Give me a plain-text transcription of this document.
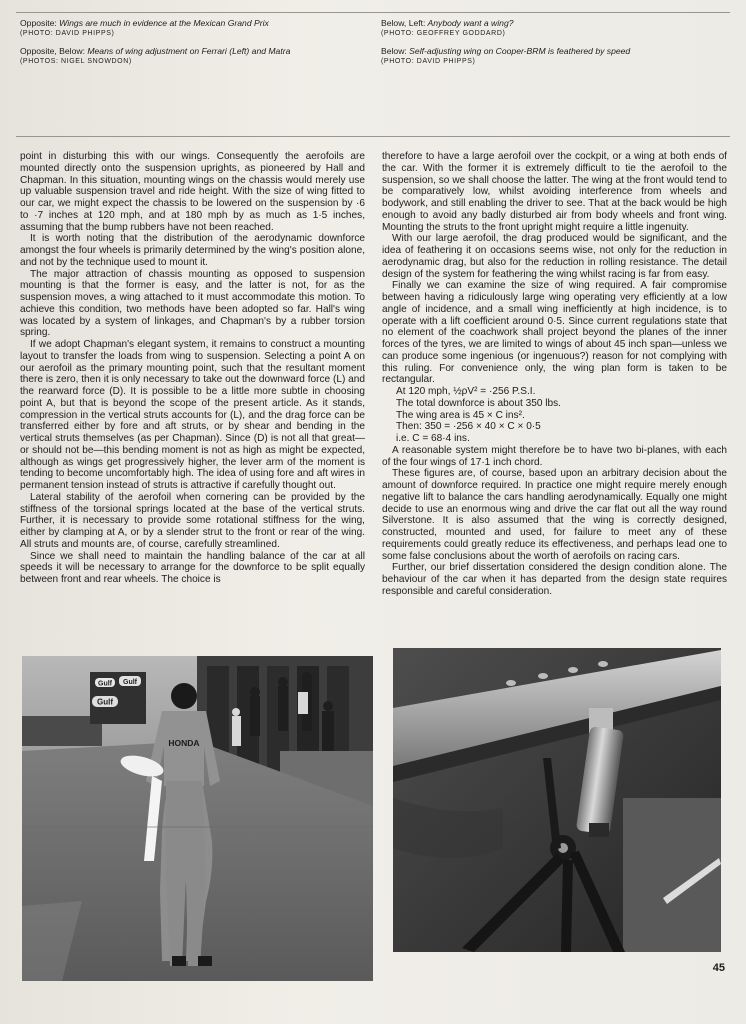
Opposite: Wings are much in evidence at the Mexican Grand Prix
(PHOTO: DAVID PHIPPS)
Opposite, Below: Means of wing adjustment on Ferrari (Left) and Matra
(PHOTOS: NIGEL SNOWDON)
Below, Left: Anybody want a wing?
(PHOTO: GEOFFREY GODDARD)
Below: Self-adjusting wing on Cooper-BRM is feathered by speed
(PHOTO: DAVID PHIPPS)

point in disturbing this with our wings. Consequently the aerofoils are mounted directly onto the suspension uprights, as pioneered by Hall and Chapman. In this situation, mounting wings on the chassis would merely use up valuable suspension travel and ride height. With the size of wing fitted to our car, we might expect the chassis to be lowered on the suspension by ·6 to ·7 inches at 120 mph, and at 180 mph by as much as 1·5 inches, assuming that the bump rubbers have not been reached.

It is worth noting that the distribution of the aerodynamic downforce amongst the four wheels is primarily determined by the wing's position alone, and not by the technique used to mount it.

The major attraction of chassis mounting as opposed to suspension mounting is that the former is easy, and the latter is not, for as the suspension moves, a wing attached to it must accommodate this motion. To achieve this condition, two methods have been adopted so far. Hall's wing was located by a system of linkages, and Chapman's by a rubber torsion spring.

If we adopt Chapman's elegant system, it remains to construct a mounting layout to transfer the loads from wing to suspension. Selecting a point A on our aerofoil as the primary mounting point, such that the resultant moment there is zero, then it is only necessary to take out the downward force (L) and the rearward force (D). It is possible to be a little more subtle in choosing point A, but that is beyond the scope of the present article. As it stands, compression in the vertical struts accounts for (L), and the drag force can be transferred either by fore and aft struts, or by shear and bending in the vertical struts themselves (as per Chapman). Since (D) is not all that great—or should not be—this bending moment is not as high as might be expected, although as wings get progressively higher, the lever arm of the moment is tending to become uncomfortably high. The idea of using fore and aft wires in permanent tension instead of struts is attractive if carefully thought out.

Lateral stability of the aerofoil when cornering can be provided by the stiffness of the torsional springs located at the base of the vertical struts. Further, it is necessary to provide some rotational stiffness for the wing, either by clamping at A, or by a slender strut to the front or rear of the wing. All struts and mounts are, of course, carefully streamlined.

Since we shall need to maintain the handling balance of the car at all speeds it will be necessary to arrange for the downforce to be split equally between front and rear wheels. The choice is

therefore to have a large aerofoil over the cockpit, or a wing at both ends of the car. With the former it is extremely difficult to tie the aerofoil to the suspension, so we shall choose the latter. The wing at the front would tend to be comparatively low, whilst avoiding interference from wheels and bodywork, and still enabling the driver to see. That at the back would be high enough to avoid any badly disturbed air from body wheels and front wing. Mounting the struts to the front upright might require a little ingenuity.

With our large aerofoil, the drag produced would be significant, and the idea of feathering it on occasions seems wise, not only for the reduction in aerodynamic drag, but also for the reduction in rolling resistance. The detail design of the system for feathering the wing whilst racing is far from easy.

Finally we can examine the size of wing required. A fair compromise between having a ridiculously large wing operating very efficiently at a low angle of incidence, and a small wing inefficiently at high incidence, is to operate with a lift coefficient around 0·5. Since current regulations state that no element of the coachwork shall project beyond the planes of the inner forces of the tyres, we are limited to wings of about 45 inch span—unless we can produce some ingenious (or ingenuous?) reason for not complying with this ruling. For convenience only, the wing plan form is taken to be rectangular.

At 120 mph, ½ρV² = ·256 P.S.I.
The total downforce is about 350 lbs.
The wing area is 45 × C ins².
Then: 350 = ·256 × 40 × C × 0·5
i.e. C = 68·4 ins.

A reasonable system might therefore be to have two bi-planes, with each of the four wings of 17·1 inch chord.

These figures are, of course, based upon an arbitrary decision about the amount of downforce required. In practice one might require merely enough negative lift to balance the cars handling aerodynamically. Equally one might decide to use an enormous wing and drive the car flat out all the way round Silverstone. It is also assumed that the wing is correctly designed, constructed, mounted and used, for failure to meet any of these requirements could greatly reduce its effectiveness, and perhaps lead one to some false conclusions about the worth of aerofoils on racing cars.

Further, our brief dissertation considered the design condition alone. The behaviour of the car when it has departed from the design state requires responsible and careful consideration.

Gulf Gulf
Gulf
HONDA
45
